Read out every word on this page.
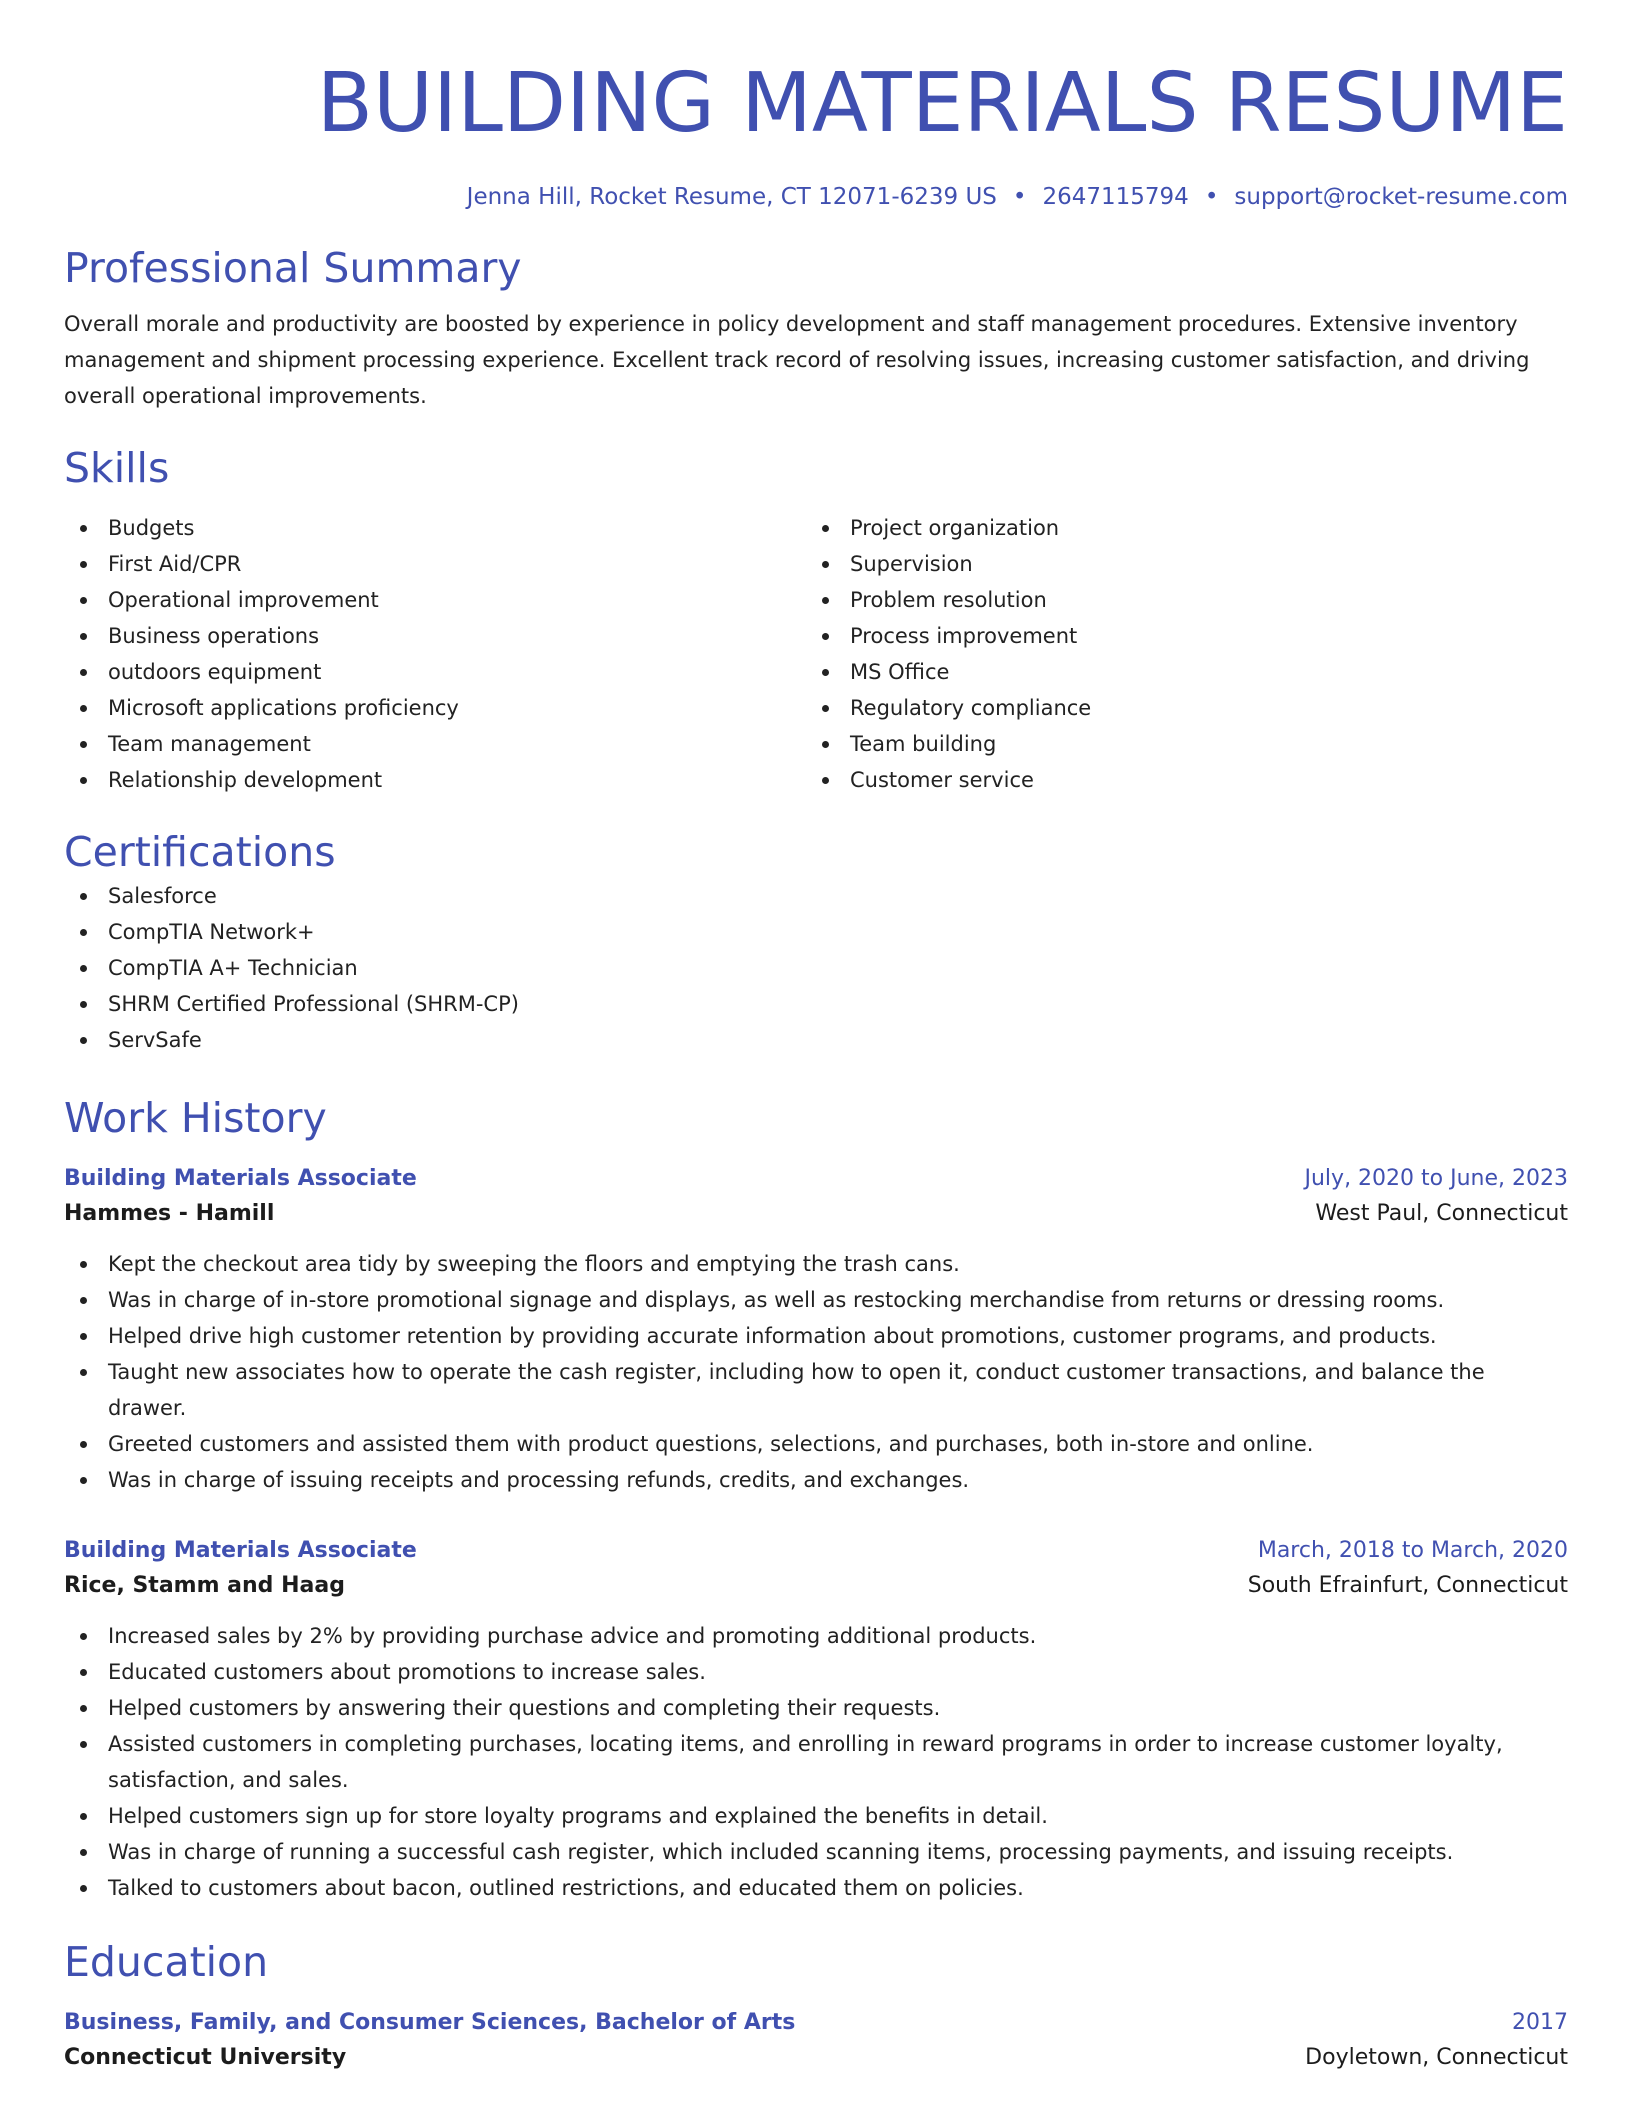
BUILDING MATERIALS RESUME
Jenna Hill, Rocket Resume, CT 12071-6239 US • 2647115794 • support@rocket-resume.com
Professional Summary

Overall morale and productivity are boosted by experience in policy development and staff management procedures. Extensive inventory management and shipment processing experience. Excellent track record of resolving issues, increasing customer satisfaction, and driving overall operational improvements.

Skills
Budgets
First Aid/CPR
Operational improvement
Business operations
outdoors equipment
Microsoft applications proficiency
Team management
Relationship development
Project organization
Supervision
Problem resolution
Process improvement
MS Office
Regulatory compliance
Team building
Customer service
Certifications
Salesforce
CompTIA Network+
CompTIA A+ Technician
SHRM Certified Professional (SHRM-CP)
ServSafe
Work History
Building Materials Associate	July, 2020 to June, 2023
Hammes - Hamill	West Paul, Connecticut
Kept the checkout area tidy by sweeping the floors and emptying the trash cans.
Was in charge of in-store promotional signage and displays, as well as restocking merchandise from returns or dressing rooms.
Helped drive high customer retention by providing accurate information about promotions, customer programs, and products.
Taught new associates how to operate the cash register, including how to open it, conduct customer transactions, and balance the drawer.
Greeted customers and assisted them with product questions, selections, and purchases, both in-store and online.
Was in charge of issuing receipts and processing refunds, credits, and exchanges.
Building Materials Associate	March, 2018 to March, 2020
Rice, Stamm and Haag	South Efrainfurt, Connecticut
Increased sales by 2% by providing purchase advice and promoting additional products.
Educated customers about promotions to increase sales.
Helped customers by answering their questions and completing their requests.
Assisted customers in completing purchases, locating items, and enrolling in reward programs in order to increase customer loyalty, satisfaction, and sales.
Helped customers sign up for store loyalty programs and explained the benefits in detail.
Was in charge of running a successful cash register, which included scanning items, processing payments, and issuing receipts.
Talked to customers about bacon, outlined restrictions, and educated them on policies.
Education
Business, Family, and Consumer Sciences, Bachelor of Arts	2017
Connecticut University	Doyletown, Connecticut
